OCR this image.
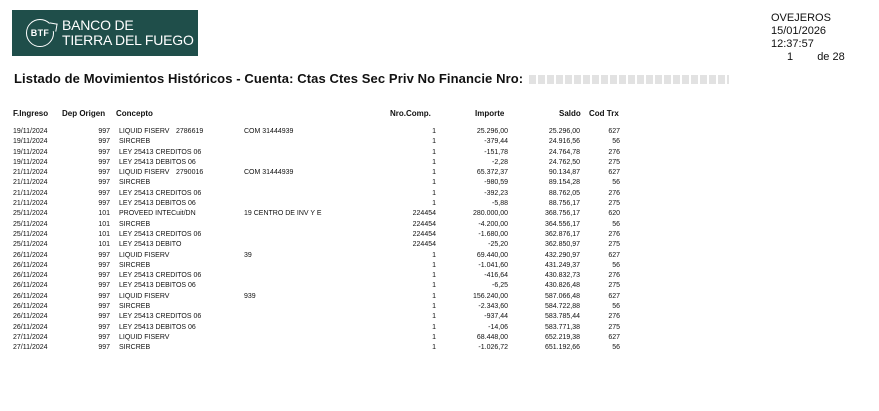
BTF BANCO DE
TIERRA DEL FUEGO
OVEJEROS
15/01/2026
12:37:57
1 de 28
Listado de Movimientos Históricos - Cuenta: Ctas Ctes Sec Priv No Financie Nro:
F.Ingreso Dep Origen Concepto	Nro.Comp.	Importe	Saldo Cod Trx
19/11/2024	997 LIQUID FISERV 2786619	COM 31444939	1	25.296,00	25.296,00	627
19/11/2024	997 SIRCREB	1	-379,44	24.916,56	56
19/11/2024	997 LEY 25413 CREDITOS 06	1	-151,78	24.764,78	276
19/11/2024	997 LEY 25413 DEBITOS 06	1	-2,28	24.762,50	275
21/11/2024	997 LIQUID FISERV 2790016	COM 31444939	1	65.372,37	90.134,87	627
21/11/2024	997 SIRCREB	1	-980,59	89.154,28	56
21/11/2024	997 LEY 25413 CREDITOS 06	1	-392,23	88.762,05	276
21/11/2024	997 LEY 25413 DEBITOS 06	1	-5,88	88.756,17	275
25/11/2024	101 PROVEED INTECuit/DN	19 CENTRO DE INV Y E	224454	280.000,00	368.756,17	620
25/11/2024	101 SIRCREB	224454	-4.200,00	364.556,17	56
25/11/2024	101 LEY 25413 CREDITOS 06	224454	-1.680,00	362.876,17	276
25/11/2024	101 LEY 25413 DEBITO	224454	-25,20	362.850,97	275
26/11/2024	997 LIQUID FISERV	39	1	69.440,00	432.290,97	627
26/11/2024	997 SIRCREB	1	-1.041,60	431.249,37	56
26/11/2024	997 LEY 25413 CREDITOS 06	1	-416,64	430.832,73	276
26/11/2024	997 LEY 25413 DEBITOS 06	1	-6,25	430.826,48	275
26/11/2024	997 LIQUID FISERV	939	1	156.240,00	587.066,48	627
26/11/2024	997 SIRCREB	1	-2.343,60	584.722,88	56
26/11/2024	997 LEY 25413 CREDITOS 06	1	-937,44	583.785,44	276
26/11/2024	997 LEY 25413 DEBITOS 06	1	-14,06	583.771,38	275
27/11/2024	997 LIQUID FISERV	1	68.448,00	652.219,38	627
27/11/2024	997 SIRCREB	1	-1.026,72	651.192,66	56
